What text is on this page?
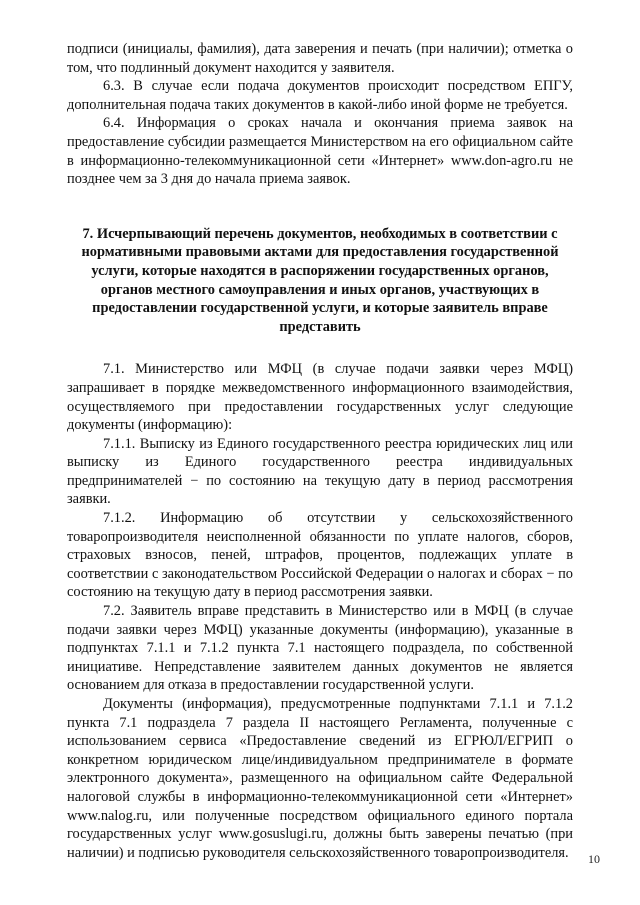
подписи (инициалы, фамилия), дата заверения и печать (при наличии); отметка о том, что подлинный документ находится у заявителя.

6.3. В случае если подача документов происходит посредством ЕПГУ, дополнительная подача таких документов в какой-либо иной форме не требуется.

6.4. Информация о сроках начала и окончания приема заявок на предоставление субсидии размещается Министерством на его официальном сайте в информационно-телекоммуникационной сети «Интернет» www.don-agro.ru не позднее чем за 3 дня до начала приема заявок.

7. Исчерпывающий перечень документов, необходимых в соответствии с нормативными правовыми актами для предоставления государственной услуги, которые находятся в распоряжении государственных органов, органов местного самоуправления и иных органов, участвующих в предоставлении государственной услуги, и которые заявитель вправе представить

7.1. Министерство или МФЦ (в случае подачи заявки через МФЦ) запрашивает в порядке межведомственного информационного взаимодействия, осуществляемого при предоставлении государственных услуг следующие документы (информацию):

7.1.1. Выписку из Единого государственного реестра юридических лиц или выписку из Единого государственного реестра индивидуальных предпринимателей − по состоянию на текущую дату в период рассмотрения заявки.

7.1.2. Информацию об отсутствии у сельскохозяйственного товаропроизводителя неисполненной обязанности по уплате налогов, сборов, страховых взносов, пеней, штрафов, процентов, подлежащих уплате в соответствии с законодательством Российской Федерации о налогах и сборах − по состоянию на текущую дату в период рассмотрения заявки.

7.2. Заявитель вправе представить в Министерство или в МФЦ (в случае подачи заявки через МФЦ) указанные документы (информацию), указанные в подпунктах 7.1.1 и 7.1.2 пункта 7.1 настоящего подраздела, по собственной инициативе. Непредставление заявителем данных документов не является основанием для отказа в предоставлении государственной услуги.

Документы (информация), предусмотренные подпунктами 7.1.1 и 7.1.2 пункта 7.1 подраздела 7 раздела II настоящего Регламента, полученные с использованием сервиса «Предоставление сведений из ЕГРЮЛ/ЕГРИП о конкретном юридическом лице/индивидуальном предпринимателе в формате электронного документа», размещенного на официальном сайте Федеральной налоговой службы в информационно-телекоммуникационной сети «Интернет» www.nalog.ru, или полученные посредством официального единого портала государственных услуг www.gosuslugi.ru, должны быть заверены печатью (при наличии) и подписью руководителя сельскохозяйственного товаропроизводителя.	10
